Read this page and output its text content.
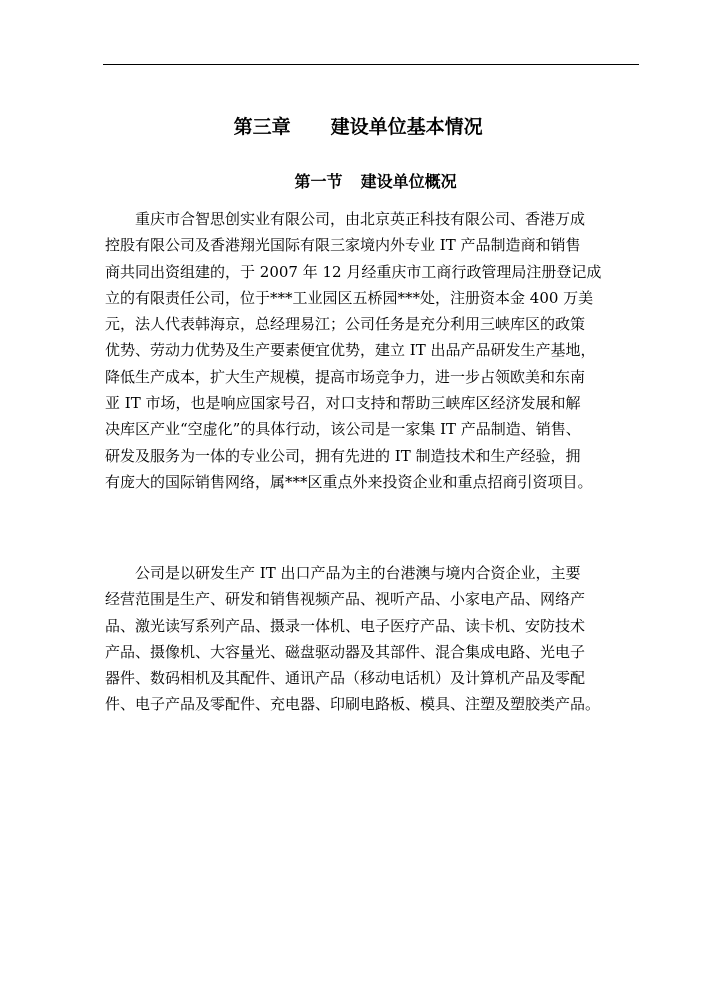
第三章 建设单位基本情况

第一节 建设单位概况

重庆市合智思创实业有限公司，由北京英正科技有限公司、香港万成
控股有限公司及香港翔光国际有限三家境内外专业 IT 产品制造商和销售
商共同出资组建的，于 2007 年 12 月经重庆市工商行政管理局注册登记成
立的有限责任公司，位于***工业园区五桥园***处，注册资本金 400 万美
元，法人代表韩海京，总经理易江；公司任务是充分利用三峡库区的政策
优势、劳动力优势及生产要素便宜优势，建立 IT 出品产品研发生产基地，
降低生产成本，扩大生产规模，提高市场竞争力，进一步占领欧美和东南
亚 IT 市场，也是响应国家号召，对口支持和帮助三峡库区经济发展和解
决库区产业“空虚化”的具体行动，该公司是一家集 IT 产品制造、销售、
研发及服务为一体的专业公司，拥有先进的 IT 制造技术和生产经验，拥
有庞大的国际销售网络，属***区重点外来投资企业和重点招商引资项目。
公司是以研发生产 IT 出口产品为主的台港澳与境内合资企业，主要
经营范围是生产、研发和销售视频产品、视听产品、小家电产品、网络产
品、激光读写系列产品、摄录一体机、电子医疗产品、读卡机、安防技术
产品、摄像机、大容量光、磁盘驱动器及其部件、混合集成电路、光电子
器件、数码相机及其配件、通讯产品（移动电话机）及计算机产品及零配
件、电子产品及零配件、充电器、印刷电路板、模具、注塑及塑胶类产品。
